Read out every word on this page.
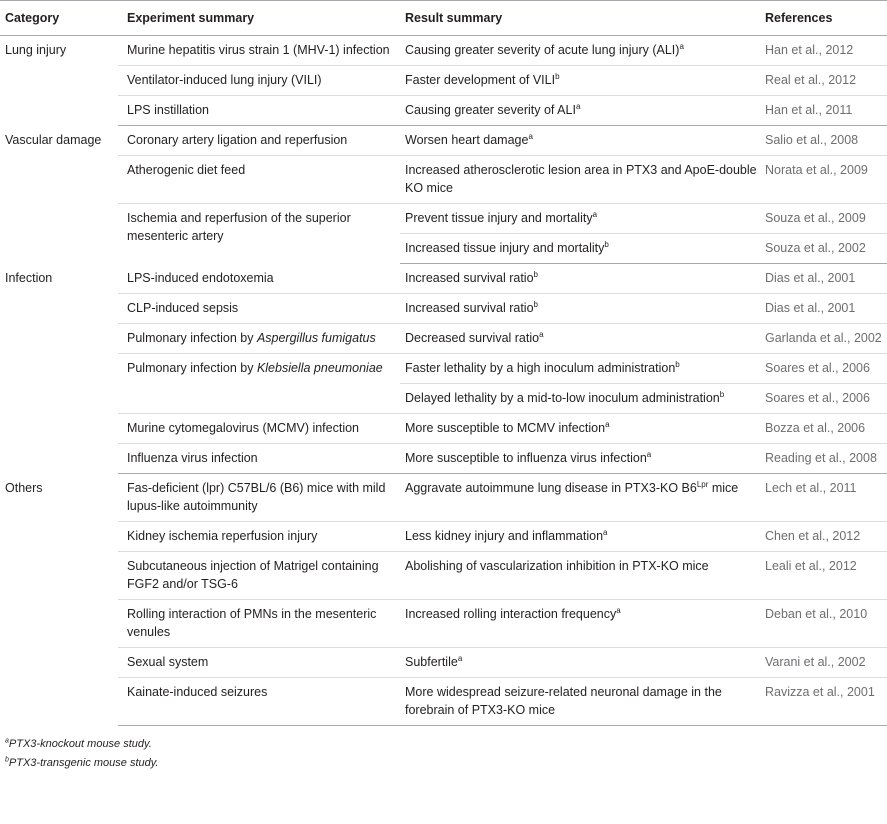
Category	Experiment summary	Result summary	References
Lung injury	Murine hepatitis virus strain 1 (MHV-1) infection	Causing greater severity of acute lung injury (ALI)$^a$	Han et al., 2012
	Ventilator-induced lung injury (VILI)	Faster development of VILI$^b$	Real et al., 2012
	LPS instillation	Causing greater severity of ALI$^a$	Han et al., 2011
Vascular damage	Coronary artery ligation and reperfusion	Worsen heart damage$^a$	Salio et al., 2008
	Atherogenic diet feed	Increased atherosclerotic lesion area in PTX3 and ApoE-double KO mice	Norata et al., 2009
	Ischemia and reperfusion of the superior mesenteric artery	Prevent tissue injury and mortality$^a$	Souza et al., 2009
		Increased tissue injury and mortality$^b$	Souza et al., 2002
Infection	LPS-induced endotoxemia	Increased survival ratio$^b$	Dias et al., 2001
	CLP-induced sepsis	Increased survival ratio$^b$	Dias et al., 2001
	Pulmonary infection by Aspergillus fumigatus	Decreased survival ratio$^a$	Garlanda et al., 2002
	Pulmonary infection by Klebsiella pneumoniae	Faster lethality by a high inoculum administration$^b$	Soares et al., 2006
		Delayed lethality by a mid-to-low inoculum administration$^b$	Soares et al., 2006
	Murine cytomegalovirus (MCMV) infection	More susceptible to MCMV infection$^a$	Bozza et al., 2006
	Influenza virus infection	More susceptible to influenza virus infection$^a$	Reading et al., 2008
Others	Fas-deficient (lpr) C57BL/6 (B6) mice with mild lupus-like autoimmunity	Aggravate autoimmune lung disease in PTX3-KO $B6^{Lpr}$ mice	Lech et al., 2011
	Kidney ischemia reperfusion injury	Less kidney injury and inflammation$^a$	Chen et al., 2012
	Subcutaneous injection of Matrigel containing FGF2 and/or TSG-6	Abolishing of vascularization inhibition in PTX-KO mice	Leali et al., 2012
	Rolling interaction of PMNs in the mesenteric venules	Increased rolling interaction frequency$^a$	Deban et al., 2010
	Sexual system	Subfertile$^a$	Varani et al., 2002
	Kainate-induced seizures	More widespread seizure-related neuronal damage in the forebrain of PTX3-KO mice	Ravizza et al., 2001
$^a$PTX3-knockout mouse study.
$^b$PTX3-transgenic mouse study.
